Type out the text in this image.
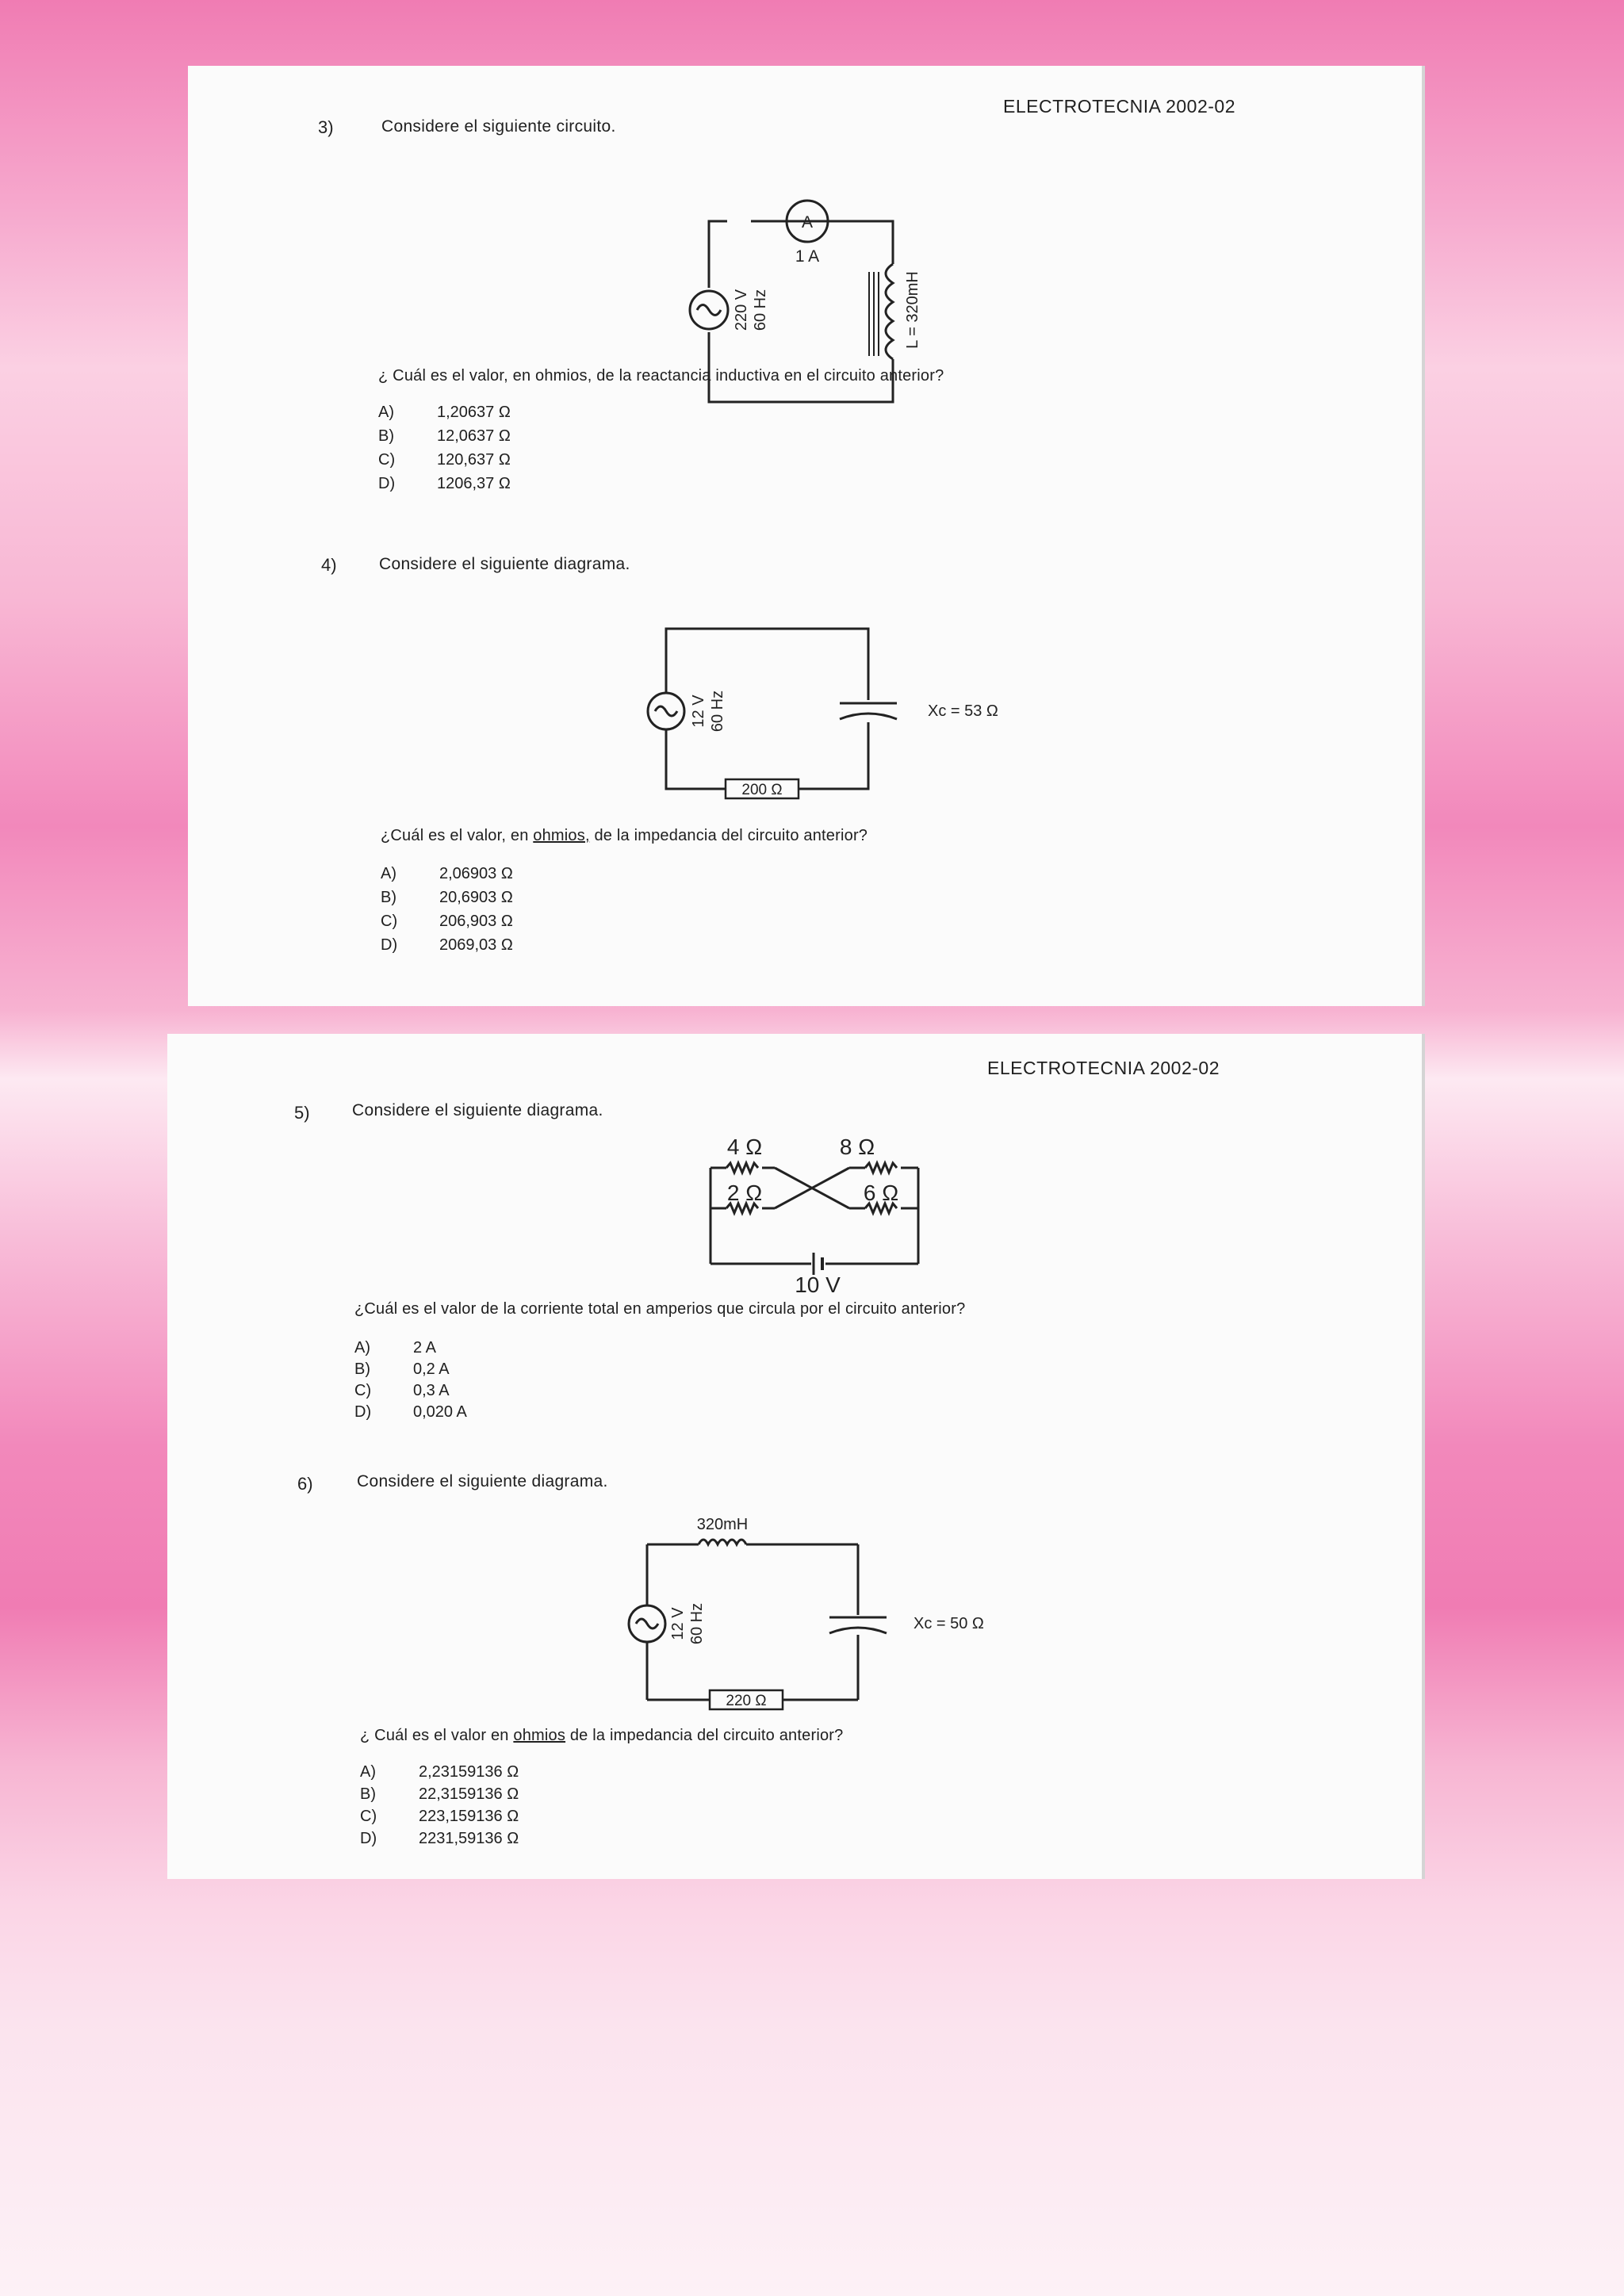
ELECTROTECNIA 2002-02
3)	Considere el siguiente circuito.
A
1 A
220 V 60 Hz	L = 320mH
¿ Cuál es el valor, en ohmios, de la reactancia inductiva en el circuito anterior?
A)	1,20637 Ω
B)	12,0637 Ω
C)	120,637 Ω
D)	1206,37 Ω
4)	Considere el siguiente diagrama.
12 V 60 Hz	Xc = 53 Ω
200 Ω
¿Cuál es el valor, en ohmios, de la impedancia del circuito anterior?
A)	2,06903 Ω
B)	20,6903 Ω
C)	206,903 Ω
D)	2069,03 Ω
ELECTROTECNIA 2002-02
5)	Considere el siguiente diagrama.
4 Ω	8 Ω
2 Ω	6 Ω
10 V
¿Cuál es el valor de la corriente total en amperios que circula por el circuito anterior?
A)	2 A
B)	0,2 A
C)	0,3 A
D)	0,020 A
6)	Considere el siguiente diagrama.
320mH
12 V 60 Hz	Xc = 50 Ω
220 Ω
¿ Cuál es el valor en ohmios de la impedancia del circuito anterior?
A)	2,23159136 Ω
B)	22,3159136 Ω
C)	223,159136 Ω
D)	2231,59136 Ω
